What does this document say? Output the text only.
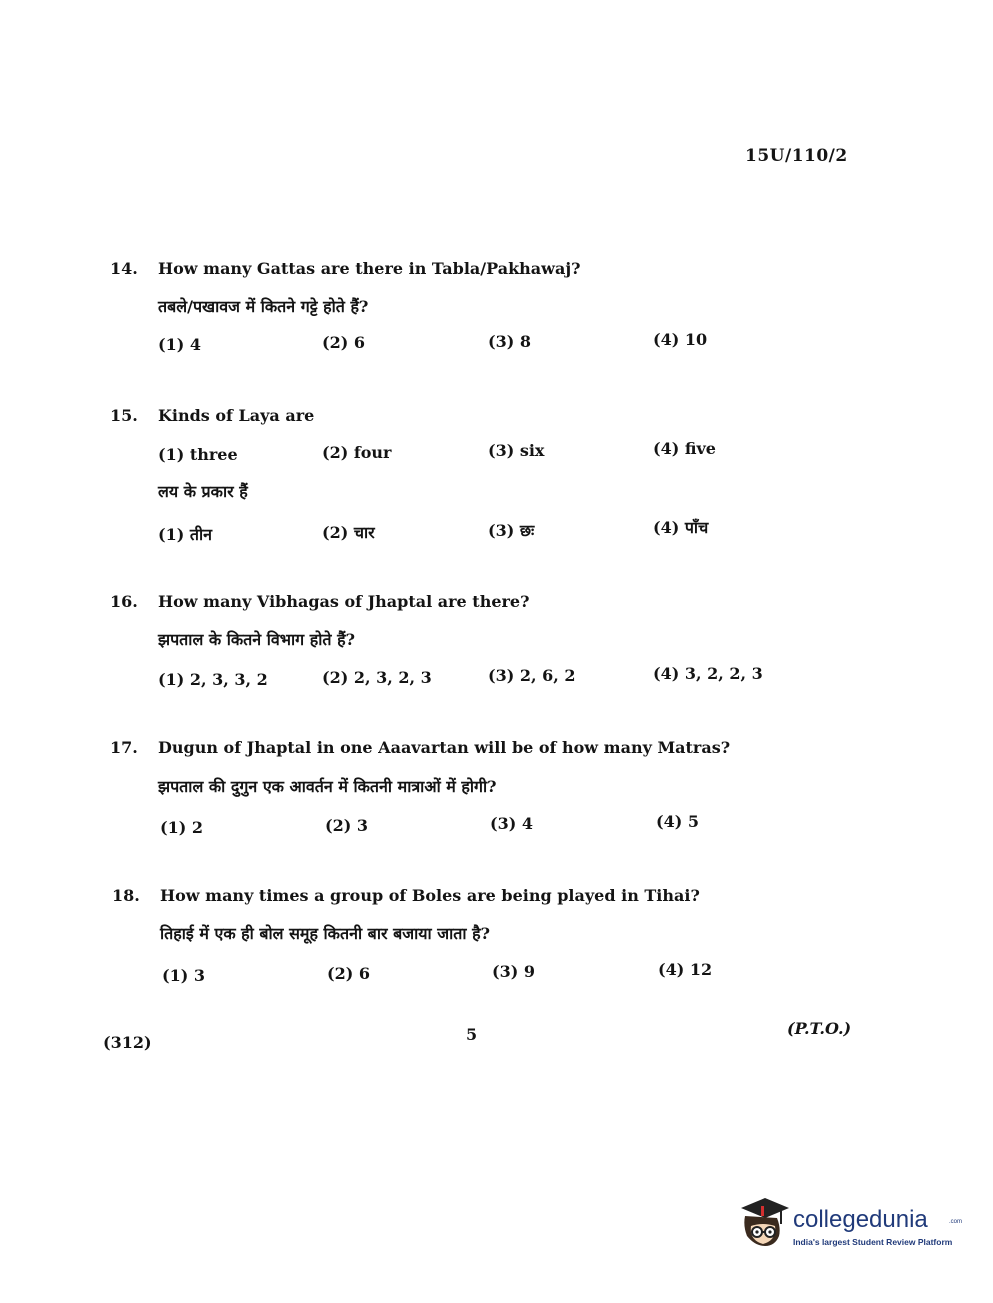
15U/110/2
14. How many Gattas are there in Tabla/Pakhawaj?
तबले/पखावज में कितने गट्टे होते हैं?
(1) 4	(2) 6	(3) 8	(4) 10
15. Kinds of Laya are
(1) three	(2) four	(3) six	(4) five
लय के प्रकार हैं
(1) तीन	(2) चार	(3) छः	(4) पाँच
16. How many Vibhagas of Jhaptal are there?
झपताल के कितने विभाग होते हैं?
(1) 2, 3, 3, 2	(2) 2, 3, 2, 3	(3) 2, 6, 2	(4) 3, 2, 2, 3
17. Dugun of Jhaptal in one Aaavartan will be of how many Matras?
झपताल की दुगुन एक आवर्तन में कितनी मात्राओं में होगी?
(1) 2	(2) 3	(3) 4	(4) 5
18. How many times a group of Boles are being played in Tihai?
तिहाई में एक ही बोल समूह कितनी बार बजाया जाता है?
(1) 3	(2) 6	(3) 9	(4) 12
(312)	5	(P.T.O.)
collegedunia	.com
India's largest Student Review Platform
